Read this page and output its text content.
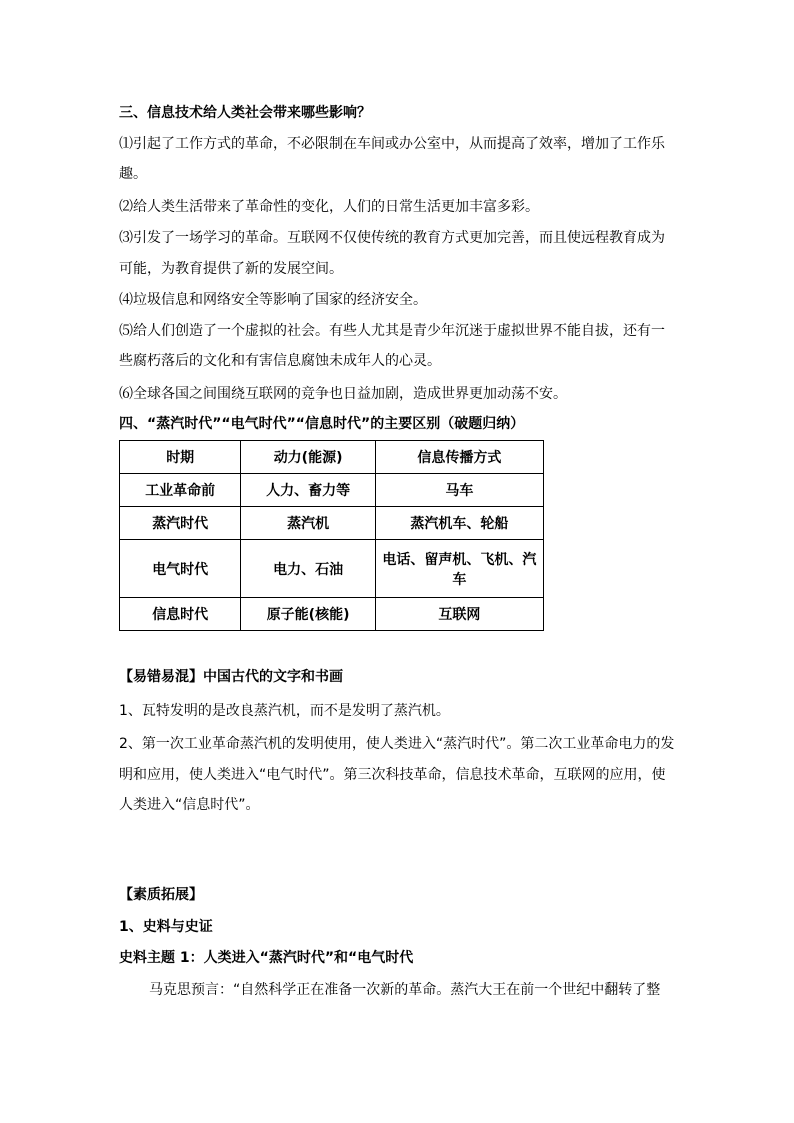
三、信息技术给人类社会带来哪些影响？
⑴引起了工作方式的革命，不必限制在车间或办公室中，从而提高了效率，增加了工作乐
趣。
⑵给人类生活带来了革命性的变化，人们的日常生活更加丰富多彩。
⑶引发了一场学习的革命。互联网不仅使传统的教育方式更加完善，而且使远程教育成为
可能，为教育提供了新的发展空间。
⑷垃圾信息和网络安全等影响了国家的经济安全。
⑸给人们创造了一个虚拟的社会。有些人尤其是青少年沉迷于虚拟世界不能自拔，还有一
些腐朽落后的文化和有害信息腐蚀未成年人的心灵。
⑹全球各国之间围绕互联网的竞争也日益加剧，造成世界更加动荡不安。
四、“蒸汽时代”“电气时代”“信息时代”的主要区别（破题归纳）
时期	动力(能源)	信息传播方式
工业革命前	人力、畜力等	马车
蒸汽时代	蒸汽机	蒸汽机车、轮船
电气时代	电力、石油	电话、留声机、飞机、汽车
信息时代	原子能(核能)	互联网
【易错易混】中国古代的文字和书画
1、瓦特发明的是改良蒸汽机，而不是发明了蒸汽机。
2、第一次工业革命蒸汽机的发明使用，使人类进入“蒸汽时代”。第二次工业革命电力的发
明和应用，使人类进入“电气时代”。第三次科技革命，信息技术革命，互联网的应用，使
人类进入“信息时代”。
【素质拓展】
1、史料与史证
史料主题 1：人类进入“蒸汽时代”和“电气时代
马克思预言：“自然科学正在准备一次新的革命。蒸汽大王在前一个世纪中翻转了整
